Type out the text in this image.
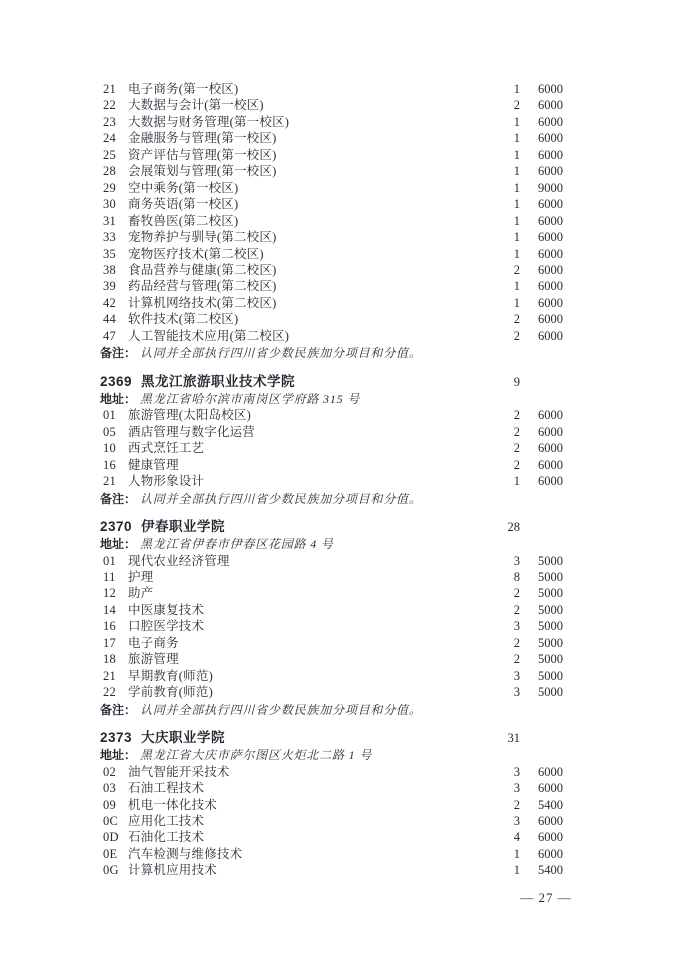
21 电子商务(第一校区)	1	6000
22 大数据与会计(第一校区)	2	6000
23 大数据与财务管理(第一校区)	1	6000
24 金融服务与管理(第一校区)	1	6000
25 资产评估与管理(第一校区)	1	6000
28 会展策划与管理(第一校区)	1	6000
29 空中乘务(第一校区)	1	9000
30 商务英语(第一校区)	1	6000
31 畜牧兽医(第二校区)	1	6000
33 宠物养护与驯导(第二校区)	1	6000
35 宠物医疗技术(第二校区)	1	6000
38 食品营养与健康(第二校区)	2	6000
39 药品经营与管理(第二校区)	1	6000
42 计算机网络技术(第二校区)	1	6000
44 软件技术(第二校区)	2	6000
47 人工智能技术应用(第二校区)	2	6000
备注： 认同并全部执行四川省少数民族加分项目和分值。
2369 黑龙江旅游职业技术学院	9
地址： 黑龙江省哈尔滨市南岗区学府路 315 号
01 旅游管理(太阳岛校区)	2	6000
05 酒店管理与数字化运营	2	6000
10 西式烹饪工艺	2	6000
16 健康管理	2	6000
21 人物形象设计	1	6000
备注： 认同并全部执行四川省少数民族加分项目和分值。
2370 伊春职业学院	28
地址： 黑龙江省伊春市伊春区花园路 4 号
01 现代农业经济管理	3	5000
11 护理	8	5000
12 助产	2	5000
14 中医康复技术	2	5000
16 口腔医学技术	3	5000
17 电子商务	2	5000
18 旅游管理	2	5000
21 早期教育(师范)	3	5000
22 学前教育(师范)	3	5000
备注： 认同并全部执行四川省少数民族加分项目和分值。
2373 大庆职业学院	31
地址： 黑龙江省大庆市萨尔图区火炬北二路 1 号
02 油气智能开采技术	3	6000
03 石油工程技术	3	6000
09 机电一体化技术	2	5400
0C 应用化工技术	3	6000
0D 石油化工技术	4	6000
0E 汽车检测与维修技术	1	6000
0G 计算机应用技术	1	5400
— 27 —
